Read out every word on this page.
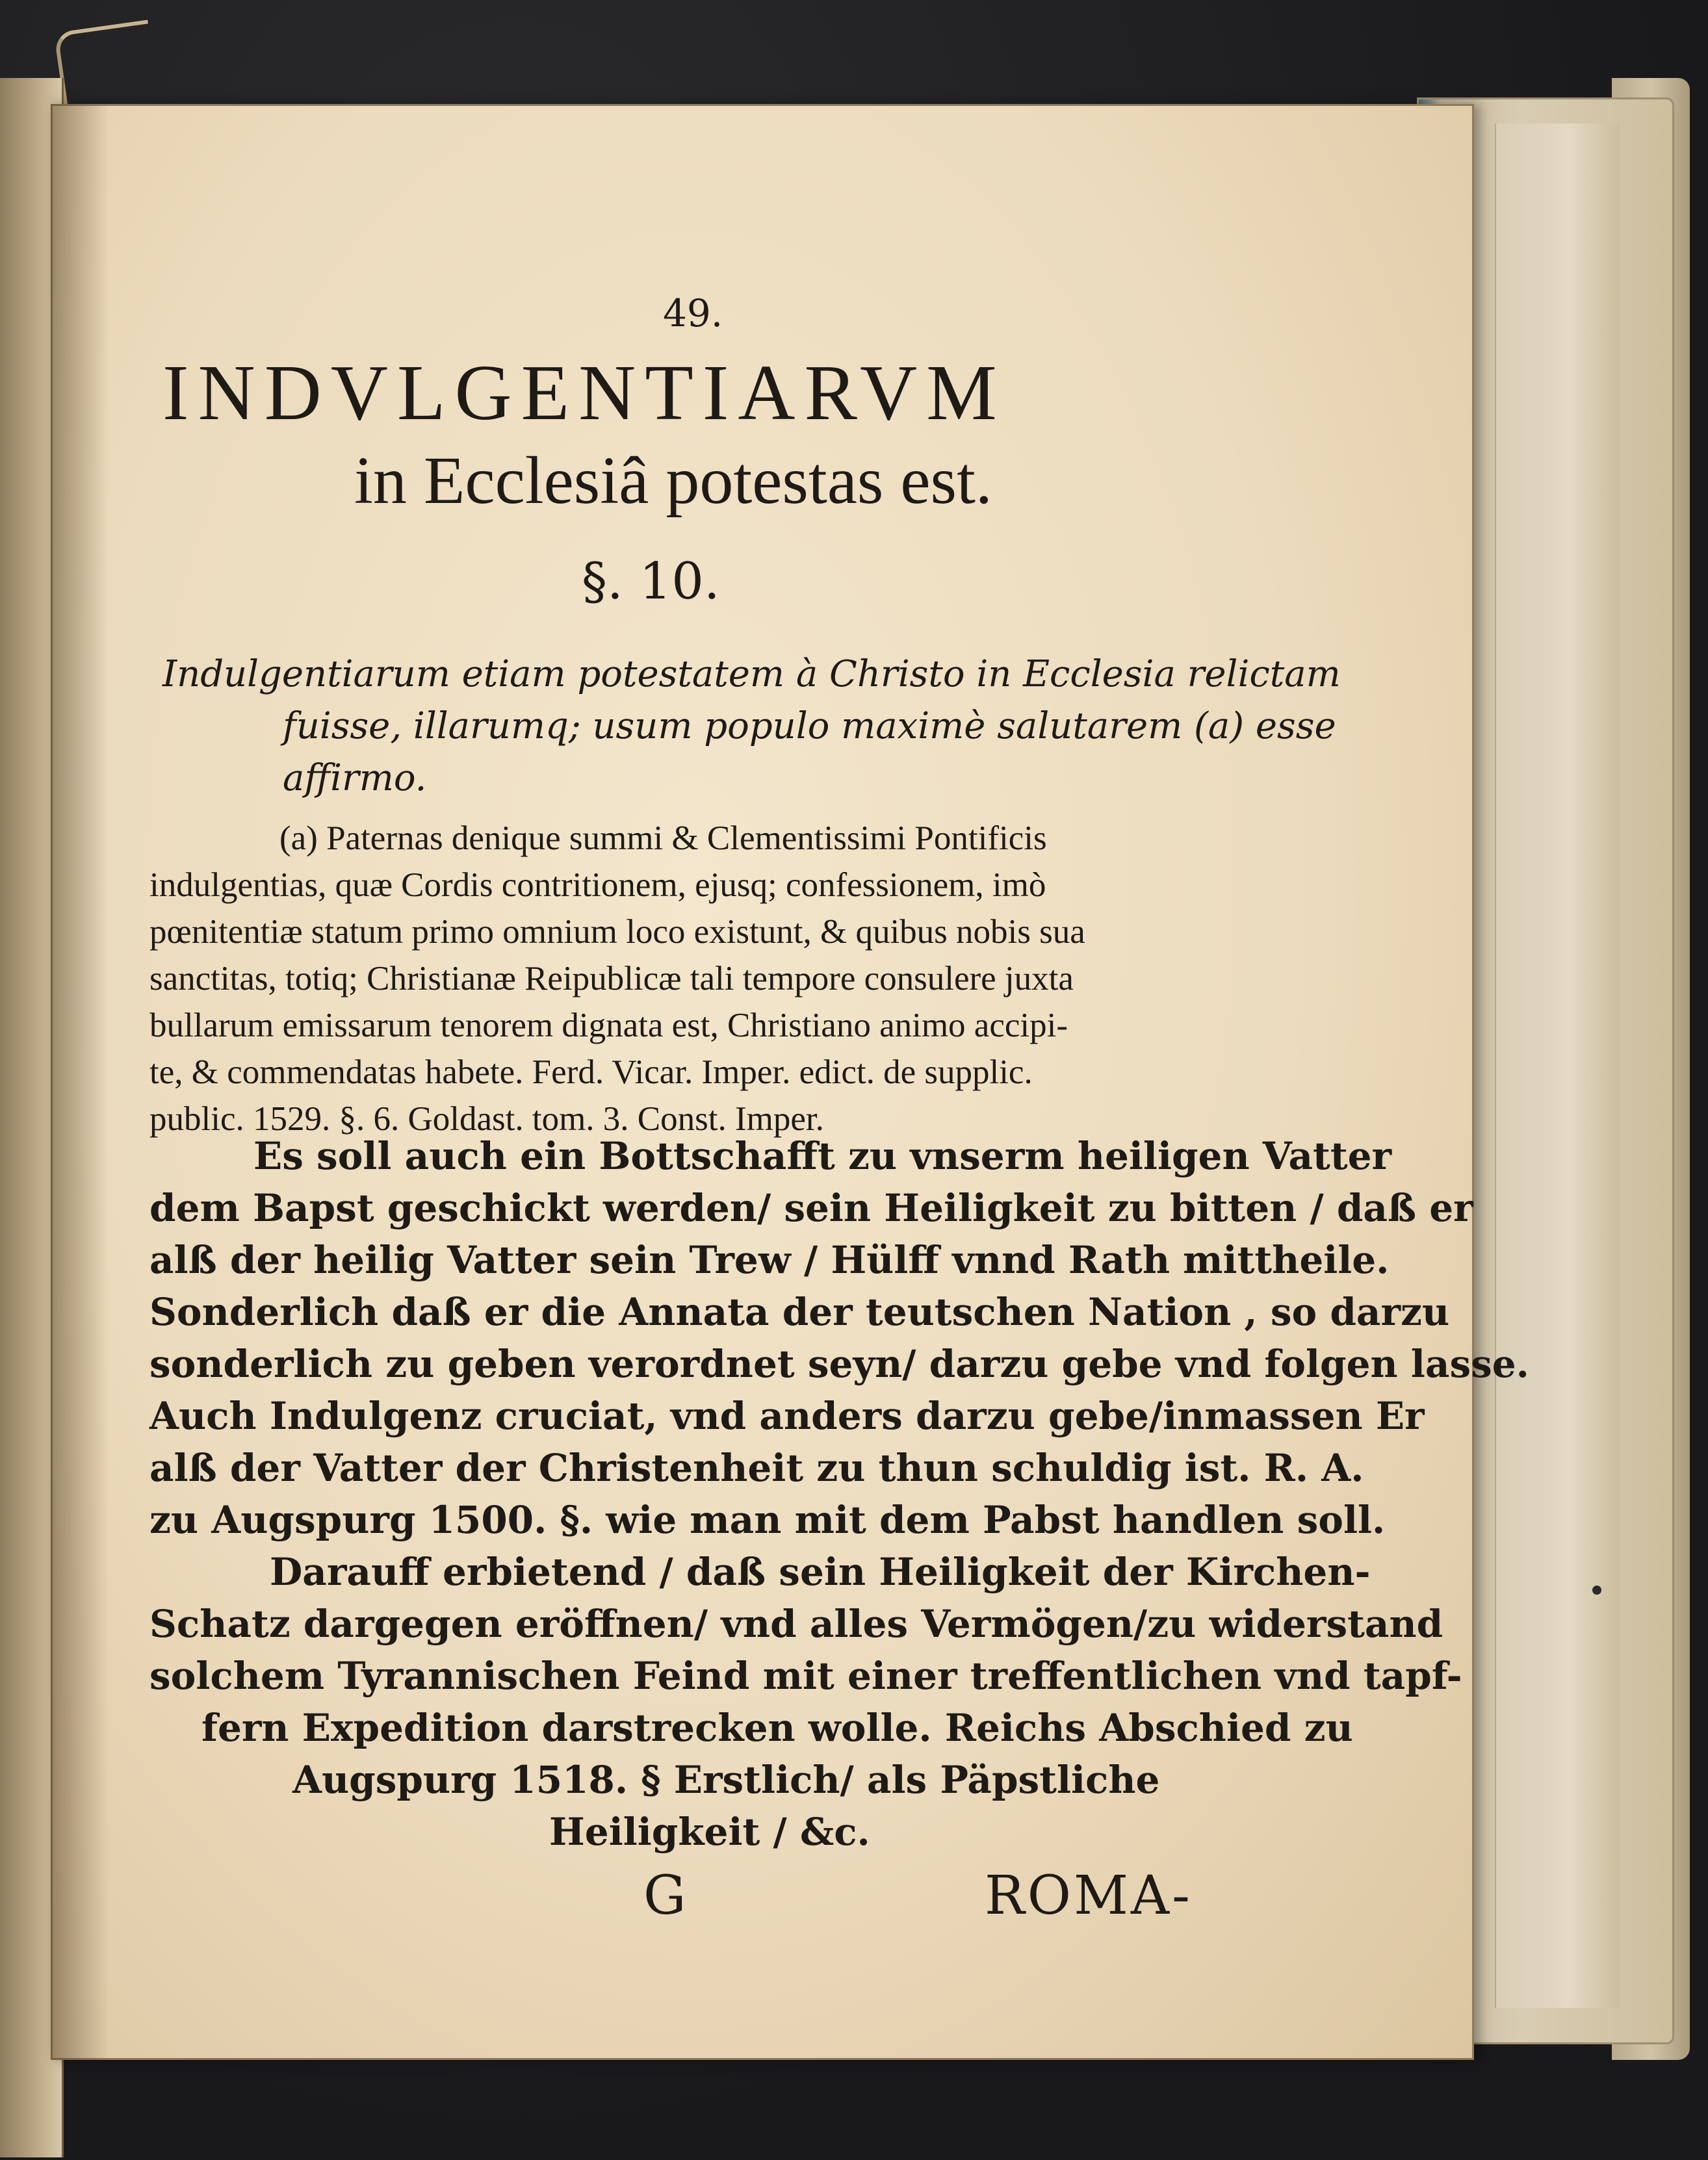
49.
INDVLGENTIARVM
in Ecclesiâ potestas est.
§. 10.
Indulgentiarum etiam potestatem à Christo in Ecclesia relictam
fuisse, illarumq; usum populo maximè salutarem (a) esse
affirmo.
(a) Paternas denique summi & Clementissimi Pontificis
indulgentias, quæ Cordis contritionem, ejusq; confessionem, imò
pœnitentiæ statum primo omnium loco existunt, & quibus nobis sua
sanctitas, totiq; Christianæ Reipublicæ tali tempore consulere juxta
bullarum emissarum tenorem dignata est, Christiano animo accipi-
te, & commendatas habete. Ferd. Vicar. Imper. edict. de supplic.
public. 1529. §. 6. Goldast. tom. 3. Const. Imper.
Es soll auch ein Bottschafft zu vnserm heiligen Vatter
dem Bapst geschickt werden/ sein Heiligkeit zu bitten / daß er
alß der heilig Vatter sein Trew / Hülff vnnd Rath mittheile.
Sonderlich daß er die Annata der teutschen Nation , so darzu
sonderlich zu geben verordnet seyn/ darzu gebe vnd folgen lasse.
Auch Indulgenz cruciat, vnd anders darzu gebe/inmassen Er
alß der Vatter der Christenheit zu thun schuldig ist. R. A.
zu Augspurg 1500. §. wie man mit dem Pabst handlen soll.
Darauff erbietend / daß sein Heiligkeit der Kirchen-
Schatz dargegen eröffnen/ vnd alles Vermögen/zu widerstand
solchem Tyrannischen Feind mit einer treffentlichen vnd tapf-
fern Expedition darstrecken wolle. Reichs Abschied zu
Augspurg 1518. § Erstlich/ als Päpstliche
Heiligkeit / &c.
G	ROMA-
